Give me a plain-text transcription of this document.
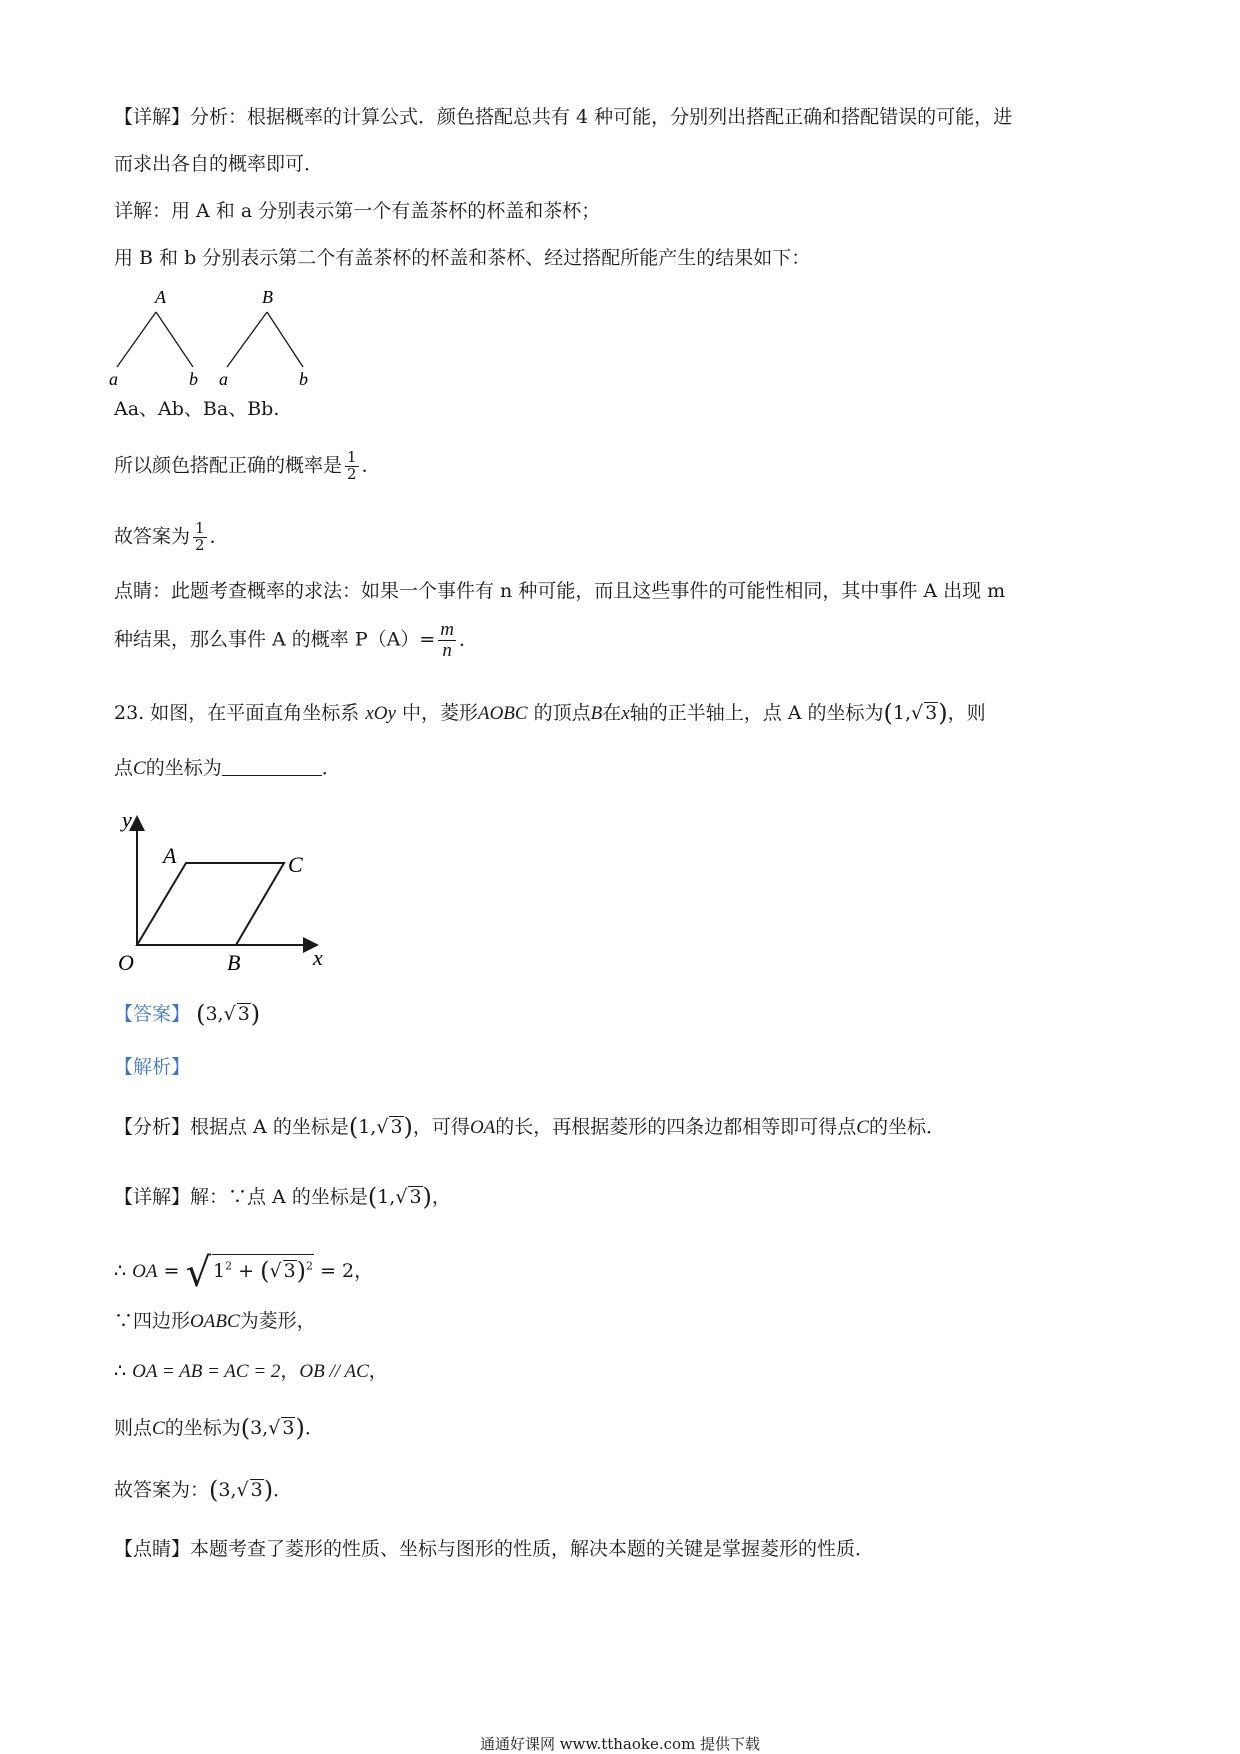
【详解】分析：根据概率的计算公式．颜色搭配总共有 4 种可能，分别列出搭配正确和搭配错误的可能，进
而求出各自的概率即可．
详解：用 A 和 a 分别表示第一个有盖茶杯的杯盖和茶杯；
用 B 和 b 分别表示第二个有盖茶杯的杯盖和茶杯、经过搭配所能产生的结果如下：
A
a	b
B
a	b
Aa、Ab、Ba、Bb.
所以颜色搭配正确的概率是 $\frac{1}{2}$ ．
故答案为 $\frac{1}{2}$ ．
点睛：此题考查概率的求法：如果一个事件有 n 种可能，而且这些事件的可能性相同，其中事件 A 出现 m
种结果，那么事件 A 的概率 $P(A)= \frac{m}{n}$ ．
23. 如图，在平面直角坐标系 xOy 中，菱形AOBC 的顶点B在x轴的正半轴上，点 A 的坐标为(1,√ 3)，则
点C的坐标为	．
y
A	C
O	B	x
【答案】 (3,√ 3)
【解析】
【分析】根据点 A 的坐标是(1,√ 3)，可得OA的长，再根据菱形的四条边都相等即可得点C的坐标．
【详解】解：∵点 A 的坐标是(1,√ 3)，
∴ OA = √ $1^2$ + (√ 3)$^2$ = 2，
∵四边形OABC为菱形，
∴ OA = AB = AC = 2，OB // AC，
则点C的坐标为(3,√ 3)．
故答案为：(3,√ 3)．
【点睛】本题考查了菱形的性质、坐标与图形的性质，解决本题的关键是掌握菱形的性质．
通通好课网 www.tthaoke.com 提供下载
